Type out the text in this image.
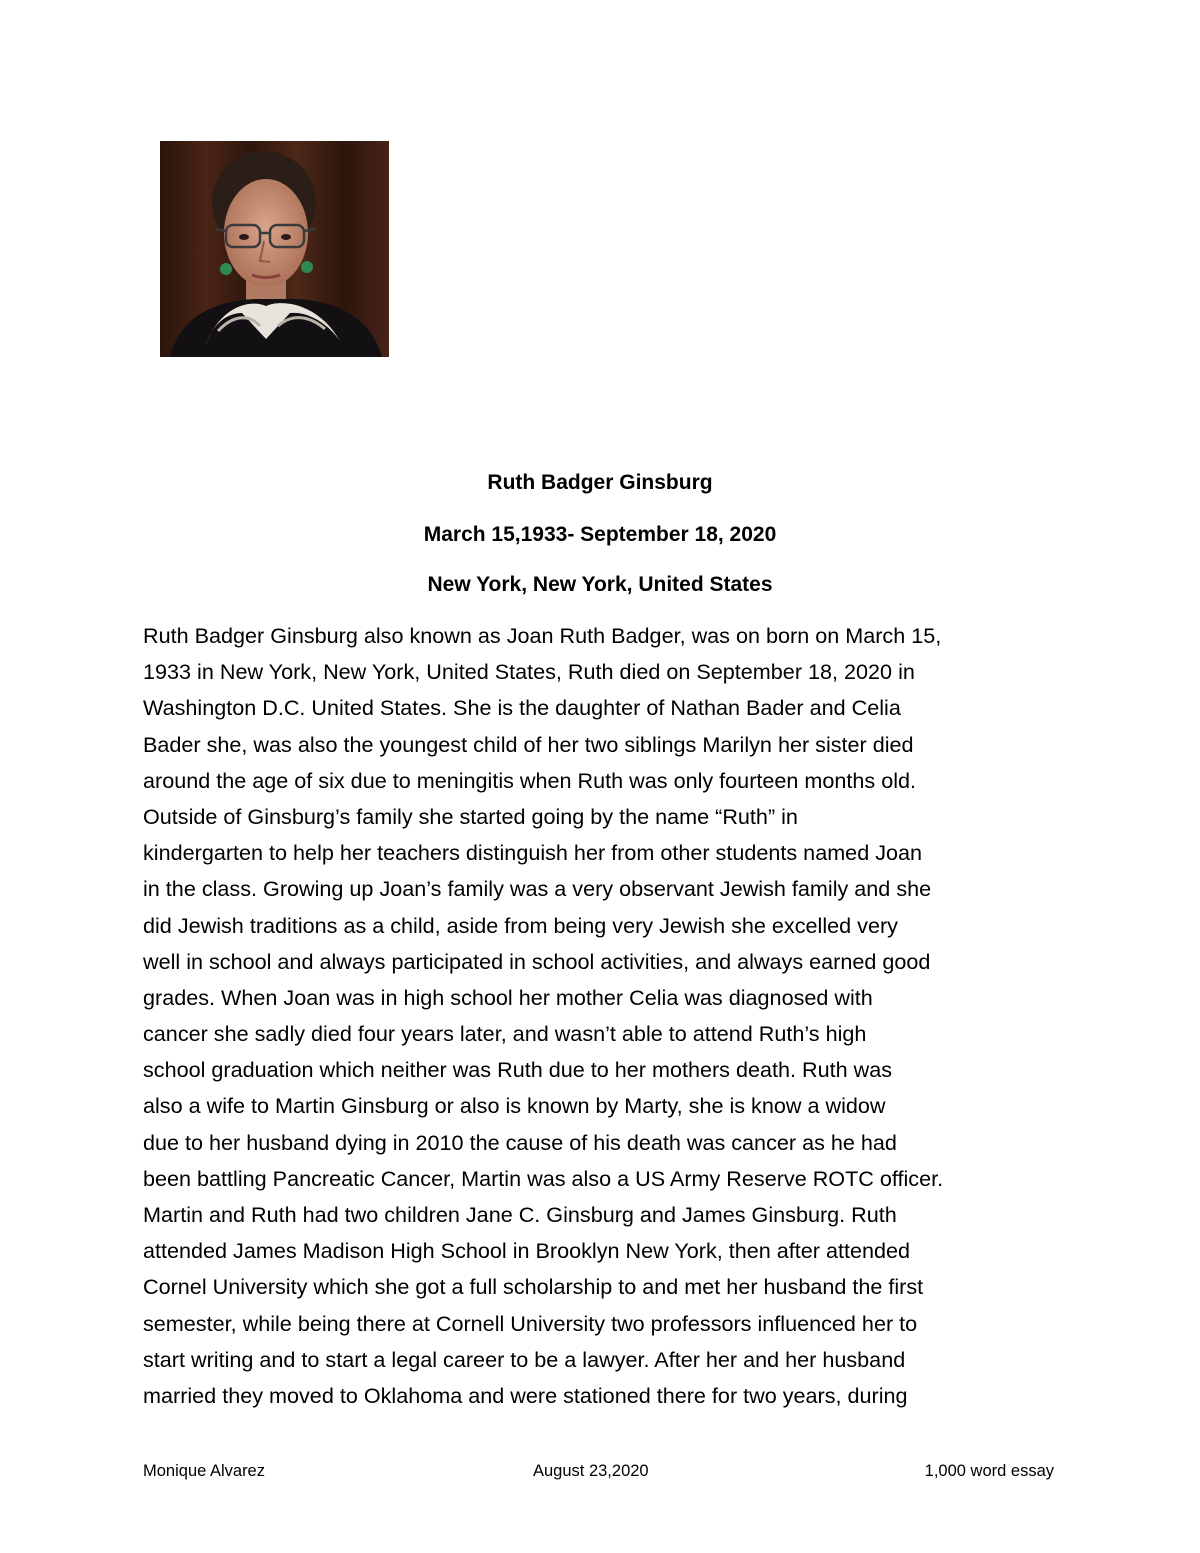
Ruth Badger Ginsburg
March 15,1933- September 18, 2020
New York, New York, United States
Ruth Badger Ginsburg also known as Joan Ruth Badger, was on born on March 15,
1933 in New York, New York, United States, Ruth died on September 18, 2020 in
Washington D.C. United States. She is the daughter of Nathan Bader and Celia
Bader she, was also the youngest child of her two siblings Marilyn her sister died
around the age of six due to meningitis when Ruth was only fourteen months old.
Outside of Ginsburg’s family she started going by the name “Ruth” in
kindergarten to help her teachers distinguish her from other students named Joan
in the class. Growing up Joan’s family was a very observant Jewish family and she
did Jewish traditions as a child, aside from being very Jewish she excelled very
well in school and always participated in school activities, and always earned good
grades. When Joan was in high school her mother Celia was diagnosed with
cancer she sadly died four years later, and wasn’t able to attend Ruth’s high
school graduation which neither was Ruth due to her mothers death. Ruth was
also a wife to Martin Ginsburg or also is known by Marty, she is know a widow
due to her husband dying in 2010 the cause of his death was cancer as he had
been battling Pancreatic Cancer, Martin was also a US Army Reserve ROTC officer.
Martin and Ruth had two children Jane C. Ginsburg and James Ginsburg. Ruth
attended James Madison High School in Brooklyn New York, then after attended
Cornel University which she got a full scholarship to and met her husband the first
semester, while being there at Cornell University two professors influenced her to
start writing and to start a legal career to be a lawyer. After her and her husband
married they moved to Oklahoma and were stationed there for two years, during
Monique Alvarez	August 23,2020	1,000 word essay
